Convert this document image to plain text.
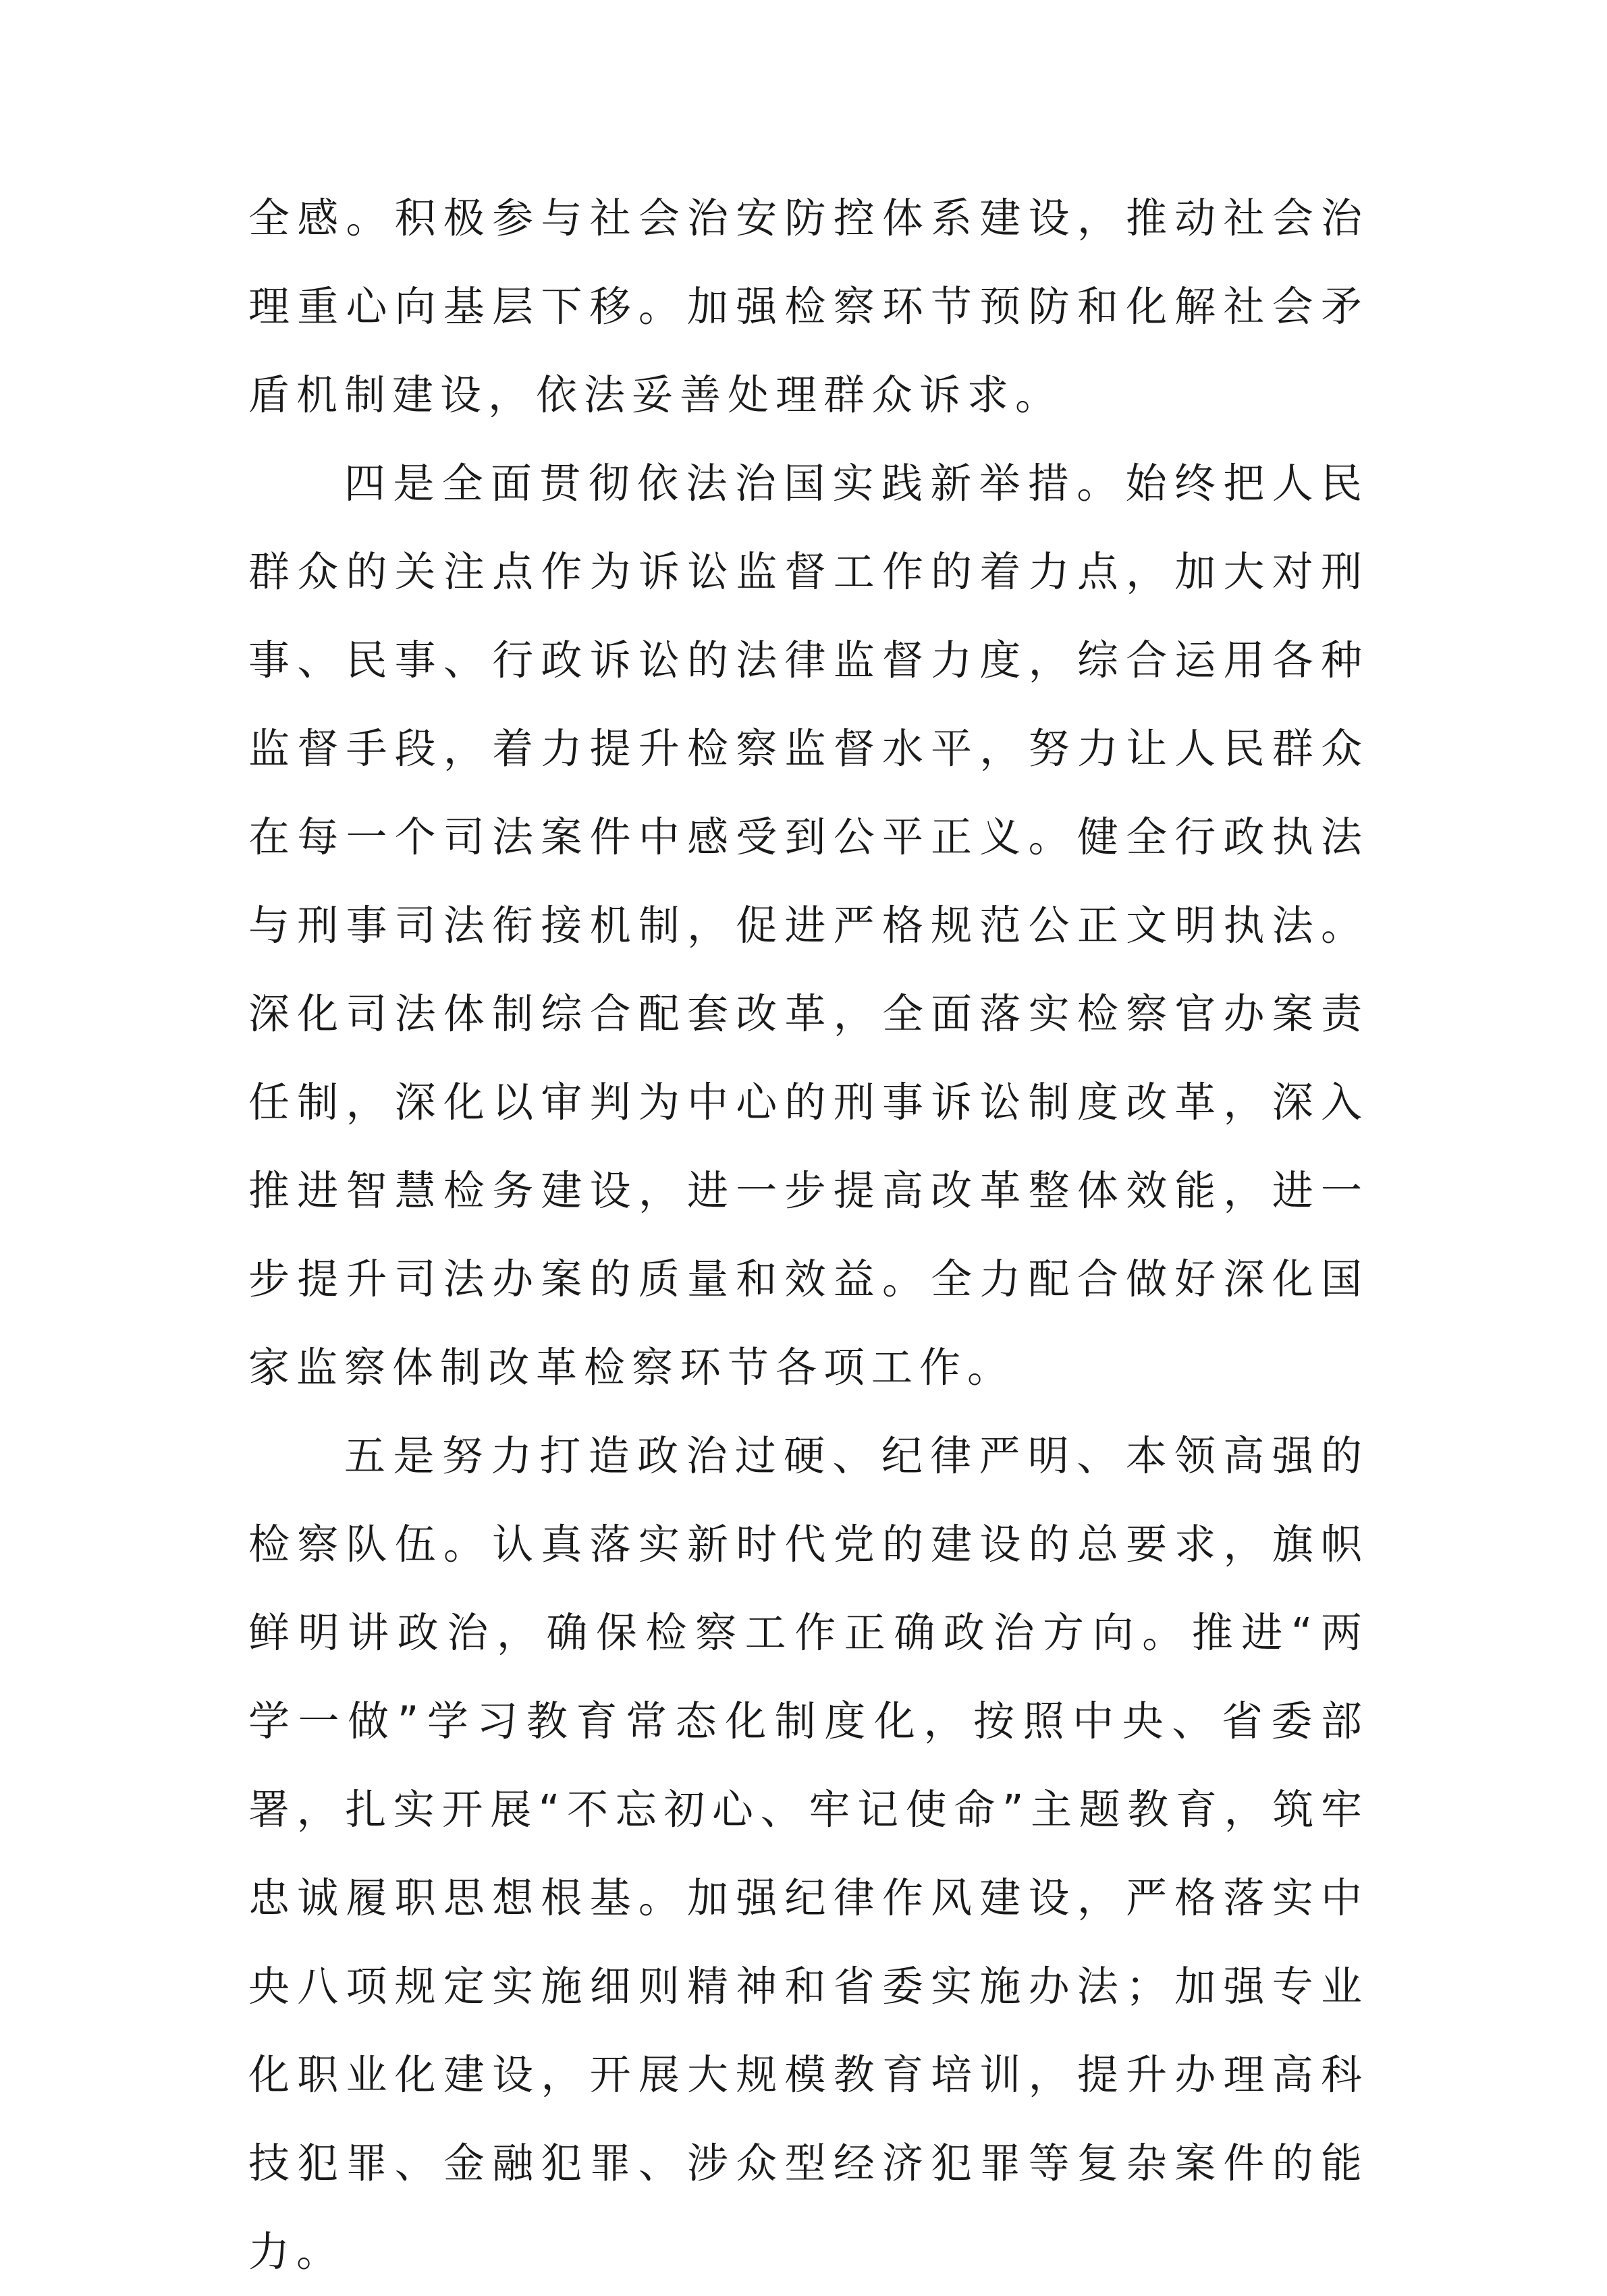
全感。积极参与社会治安防控体系建设，推动社会治理重心向基层下移。加强检察环节预防和化解社会矛盾机制建设，依法妥善处理群众诉求。

四是全面贯彻依法治国实践新举措。始终把人民群众的关注点作为诉讼监督工作的着力点，加大对刑事、民事、行政诉讼的法律监督力度，综合运用各种监督手段，着力提升检察监督水平，努力让人民群众在每一个司法案件中感受到公平正义。健全行政执法与刑事司法衔接机制，促进严格规范公正文明执法。深化司法体制综合配套改革，全面落实检察官办案责任制，深化以审判为中心的刑事诉讼制度改革，深入推进智慧检务建设，进一步提高改革整体效能，进一步提升司法办案的质量和效益。全力配合做好深化国家监察体制改革检察环节各项工作。

五是努力打造政治过硬、纪律严明、本领高强的检察队伍。认真落实新时代党的建设的总要求，旗帜鲜明讲政治，确保检察工作正确政治方向。推进“两学一做”学习教育常态化制度化，按照中央、省委部署，扎实开展“不忘初心、牢记使命”主题教育，筑牢忠诚履职思想根基。加强纪律作风建设，严格落实中央八项规定实施细则精神和省委实施办法；加强专业化职业化建设，开展大规模教育培训，提升办理高科技犯罪、金融犯罪、涉众型经济犯罪等复杂案件的能力。
